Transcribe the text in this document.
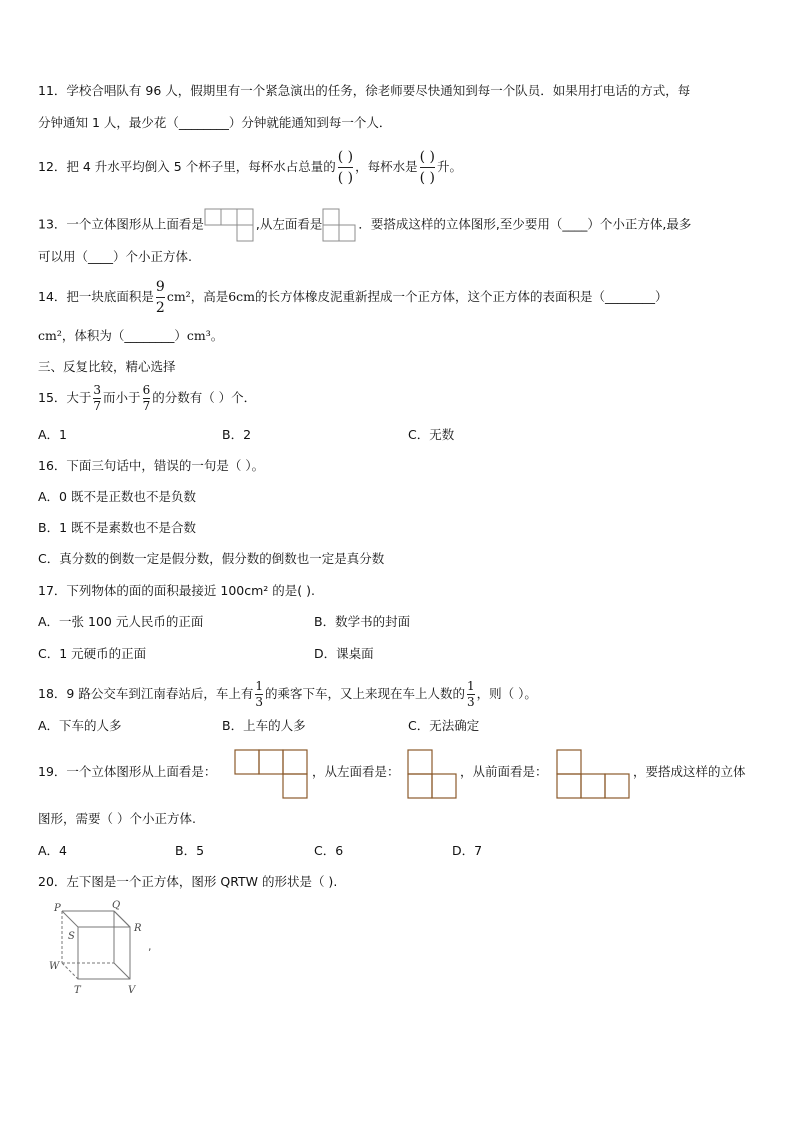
11．学校合唱队有 96 人，假期里有一个紧急演出的任务，徐老师要尽快通知到每一个队员．如果用打电话的方式，每
分钟通知 1 人，最少花（________）分钟就能通知到每一个人．
12．把 4 升水平均倒入 5 个杯子里，每杯水占总量的 $\frac{( )}{( )}$ ，每杯水是 $\frac{( )}{( )}$ 升。
13．一个立体图形从上面看是	,从左面看是	．要搭成这样的立体图形,至少要用（____）个小正方体,最多
可以用（____）个小正方体.
14．把一块底面积是 $\frac{9}{2} cm^2$，高是6cm的长方体橡皮泥重新捏成一个正方体，这个正方体的表面积是（________）
cm²，体积为（________）cm³。
三、反复比较，精心选择
15．大于 $\frac{3}{7}$ 而小于 $\frac{6}{7}$ 的分数有（ ）个．
A．1	B．2	C．无数
16．下面三句话中，错误的一句是（ ）。
A．0 既不是正数也不是负数
B．1 既不是素数也不是合数
C．真分数的倒数一定是假分数，假分数的倒数也一定是真分数
17．下列物体的面的面积最接近 100cm² 的是( ).
A．一张 100 元人民币的正面	B．数学书的封面
C．1 元硬币的正面	D．课桌面
18．9 路公交车到江南春站后，车上有 $\frac{1}{3}$ 的乘客下车，又上来现在车上人数的 $\frac{1}{3}$ ，则（ ）。
A．下车的人多	B．上车的人多	C．无法确定
19．一个立体图形从上面看是：	，从左面看是：	，从前面看是：	，要搭成这样的立体
图形，需要（ ）个小正方体.
A．4	B．5	C．6	D．7
20．左下图是一个正方体，图形 QRTW 的形状是（ ).
P	Q
R
S
W
T	V
,
